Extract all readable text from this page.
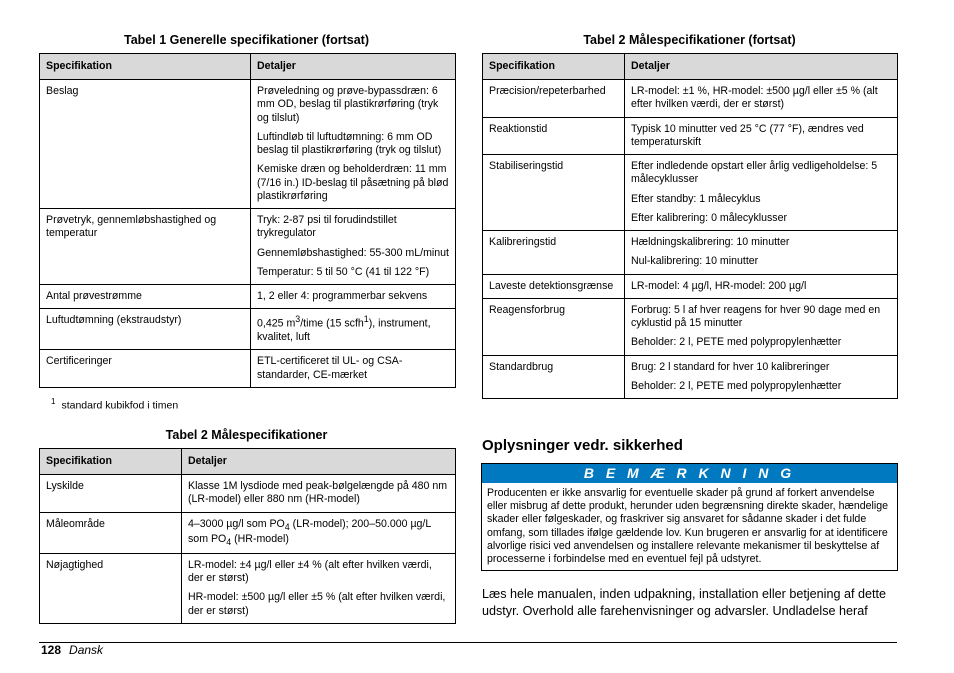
Tabel 1 Generelle specifikationer (fortsat)
Specifikation	Detaljer
Beslag	Prøveledning og prøve-bypassdræn: 6 mm OD, beslag til plastikrørføring (tryk og tilslut)

Luftindløb til luftudtømning: 6 mm OD beslag til plastikrørføring (tryk og tilslut)

Kemiske dræn og beholderdræn: 11 mm (7/16 in.) ID-beslag til påsætning på blød plastikrørføring

Prøvetryk, gennemløbshastighed og temperatur	Tryk: 2-87 psi til forudindstillet trykregulator

Gennemløbshastighed: 55-300 mL/minut

Temperatur: 5 til 50 °C (41 til 122 °F)

Antal prøvestrømme	1, 2 eller 4: programmerbar sekvens

Luftudtømning (ekstraudstyr)	0,425 $m^3$/time (15 scfh$^1$), instrument, kvalitet, luft

Certificeringer	ETL-certificeret til UL- og CSA-standarder, CE-mærket

$^1$ standard kubikfod i timen
Tabel 2 Målespecifikationer
Specifikation	Detaljer
Lyskilde	Klasse 1M lysdiode med peak-bølgelængde på 480 nm (LR-model) eller 880 nm (HR-model)

Måleområde	4–3000 µg/l som $PO_4$ (LR-model); 200–50.000 µg/L som $PO_4$ (HR-model)

Nøjagtighed	LR-model: ±4 µg/l eller ±4 % (alt efter hvilken værdi, der er størst)

HR-model: ±500 µg/l eller ±5 % (alt efter hvilken værdi, der er størst)

Tabel 2 Målespecifikationer (fortsat)
Specifikation	Detaljer
Præcision/repeterbarhed	LR-model: ±1 %, HR-model: ±500 µg/l eller ±5 % (alt efter hvilken værdi, der er størst)

Reaktionstid	Typisk 10 minutter ved 25 °C (77 °F), ændres ved temperaturskift

Stabiliseringstid	Efter indledende opstart eller årlig vedligeholdelse: 5 målecyklusser

Efter standby: 1 målecyklus

Efter kalibrering: 0 målecyklusser

Kalibreringstid	Hældningskalibrering: 10 minutter

Nul-kalibrering: 10 minutter

Laveste detektionsgrænse	LR-model: 4 µg/l, HR-model: 200 µg/l

Reagensforbrug	Forbrug: 5 l af hver reagens for hver 90 dage med en cyklustid på 15 minutter

Beholder: 2 l, PETE med polypropylenhætter

Standardbrug	Brug: 2 l standard for hver 10 kalibreringer

Beholder: 2 l, PETE med polypropylenhætter

Oplysninger vedr. sikkerhed
B E M Æ R K N I N G
Producenten er ikke ansvarlig for eventuelle skader på grund af forkert anvendelse eller misbrug af dette produkt, herunder uden begrænsning direkte skader, hændelige skader eller følgeskader, og fraskriver sig ansvaret for sådanne skader i det fulde omfang, som tillades ifølge gældende lov. Kun brugeren er ansvarlig for at identificere alvorlige risici ved anvendelsen og installere relevante mekanismer til beskyttelse af processerne i forbindelse med en eventuel fejl på udstyret.
Læs hele manualen, inden udpakning, installation eller betjening af dette udstyr. Overhold alle farehenvisninger og advarsler. Undladelse heraf
128 Dansk
